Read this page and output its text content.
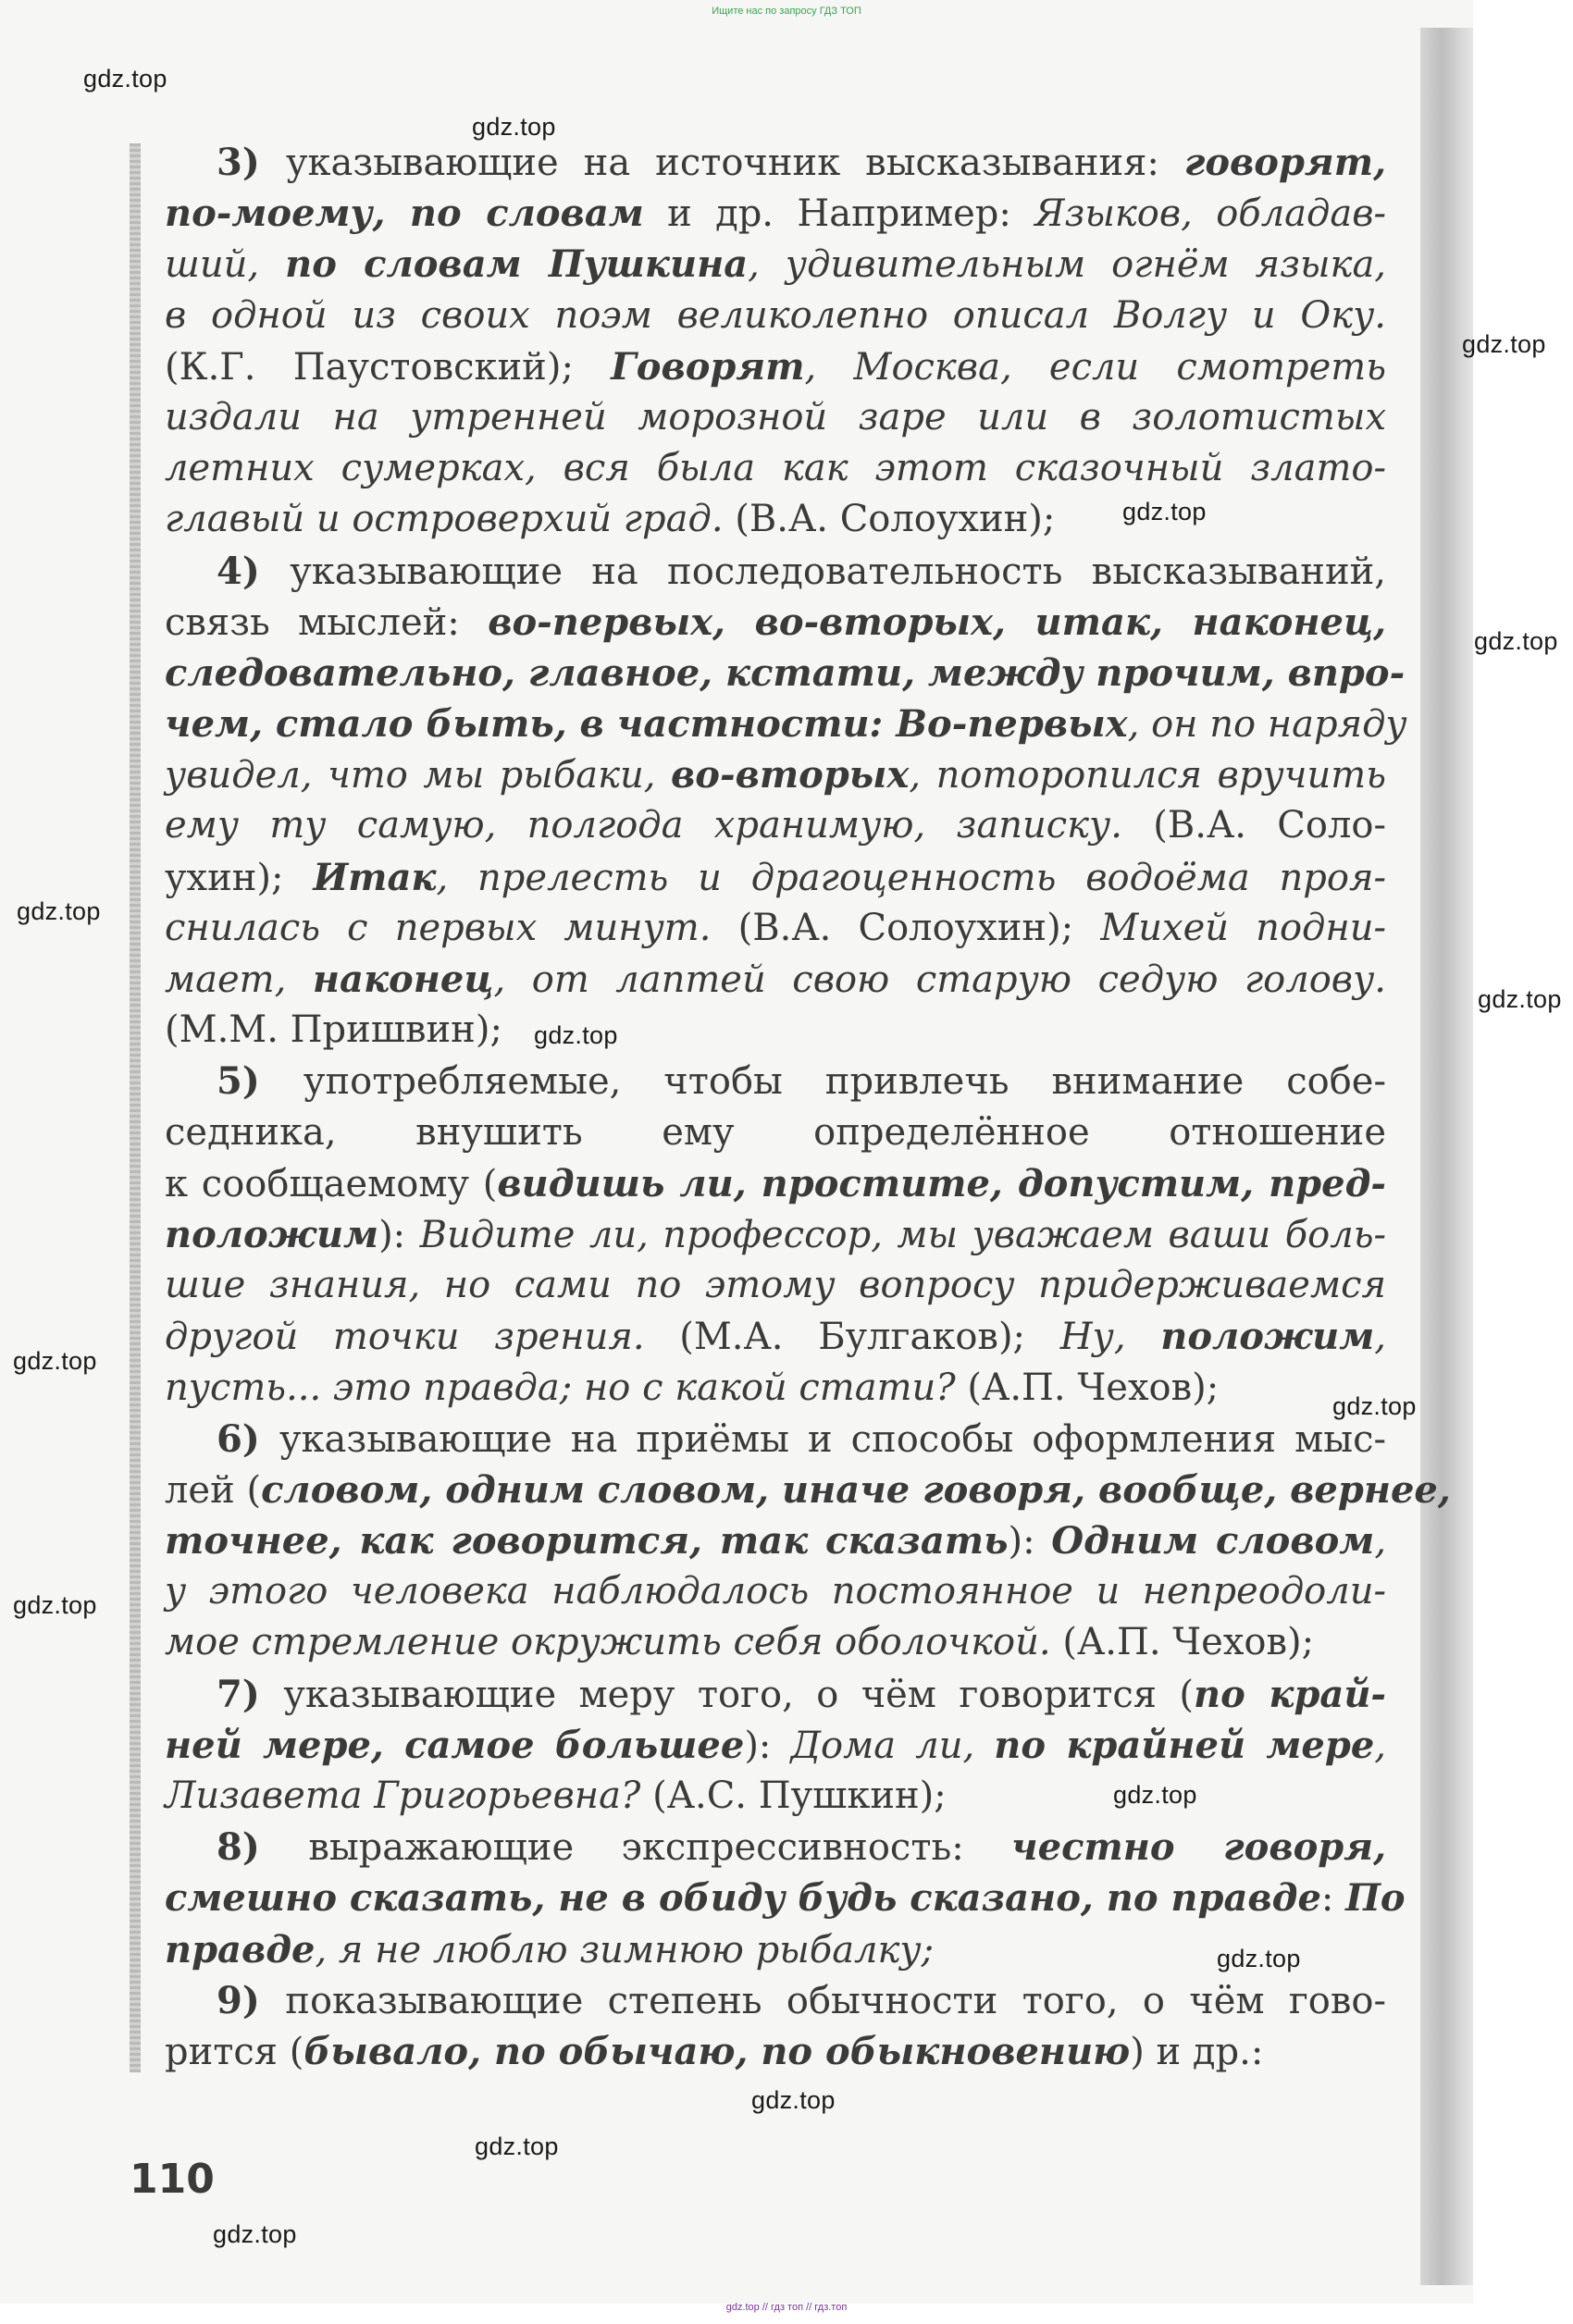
Ищите нас по запросу ГДЗ ТОП
gdz.top // гдз топ // гдз.топ
gdz.top
gdz.top
gdz.top
gdz.top
gdz.top
gdz.top
gdz.top
gdz.top
gdz.top
gdz.top
gdz.top
gdz.top
gdz.top
gdz.top
gdz.top
gdz.top
110
3) указывающие на источник высказывания: говорят,
по-моему, по словам и др. Например: Языков, обладав-
ший, по словам Пушкина, удивительным огнём языка,
в одной из своих поэм великолепно описал Волгу и Оку.
(К.Г. Паустовский); Говорят, Москва, если смотреть
издали на утренней морозной заре или в золотистых
летних сумерках, вся была как этот сказочный злато-
главый и островерхий град. (В.А. Солоухин);
4) указывающие на последовательность высказываний,
связь мыслей: во-первых, во-вторых, итак, наконец,
следовательно, главное, кстати, между прочим, впро-
чем, стало быть, в частности: Во-первых, он по наряду
увидел, что мы рыбаки, во-вторых, поторопился вручить
ему ту самую, полгода хранимую, записку. (В.А. Соло-
ухин); Итак, прелесть и драгоценность водоёма проя-
снилась с первых минут. (В.А. Солоухин); Михей подни-
мает, наконец, от лаптей свою старую седую голову.
(М.М. Пришвин);
5) употребляемые, чтобы привлечь внимание собе-
седника, внушить ему определённое отношение
к сообщаемому (видишь ли, простите, допустим, пред-
положим): Видите ли, профессор, мы уважаем ваши боль-
шие знания, но сами по этому вопросу придерживаемся
другой точки зрения. (М.А. Булгаков); Ну, положим,
пусть... это правда; но с какой стати? (А.П. Чехов);
6) указывающие на приёмы и способы оформления мыс-
лей (словом, одним словом, иначе говоря, вообще, вернее,
точнее, как говорится, так сказать): Одним словом,
у этого человека наблюдалось постоянное и непреодоли-
мое стремление окружить себя оболочкой. (А.П. Чехов);
7) указывающие меру того, о чём говорится (по край-
ней мере, самое большее): Дома ли, по крайней мере,
Лизавета Григорьевна? (А.С. Пушкин);
8) выражающие экспрессивность: честно говоря,
смешно сказать, не в обиду будь сказано, по правде: По
правде, я не люблю зимнюю рыбалку;
9) показывающие степень обычности того, о чём гово-
рится (бывало, по обычаю, по обыкновению) и др.:
